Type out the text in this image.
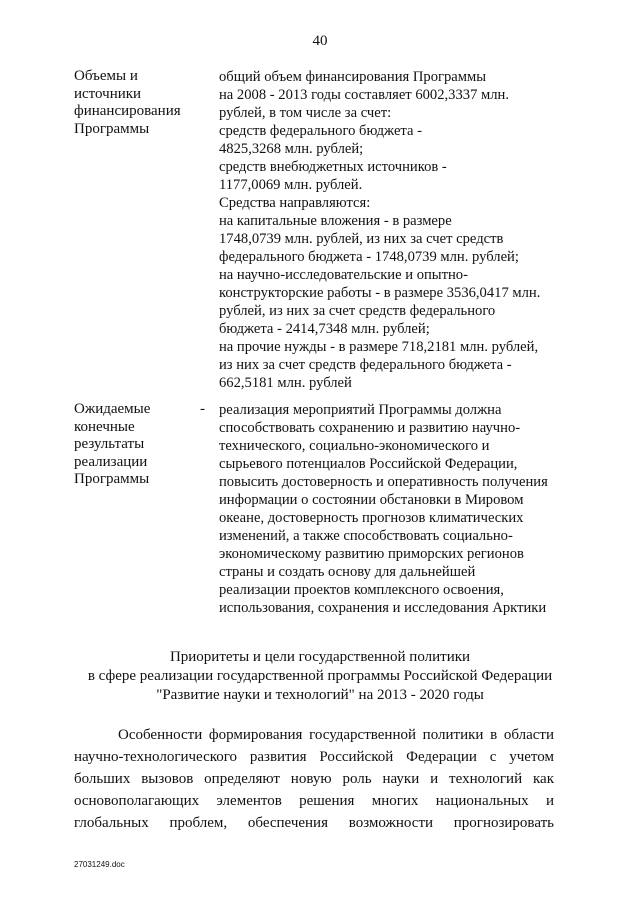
40
Объемы и
источники
финансирования
Программы
общий объем финансирования Программы
на 2008 - 2013 годы составляет 6002,3337 млн.
рублей, в том числе за счет:
средств федерального бюджета -
4825,3268 млн. рублей;
средств внебюджетных источников -
1177,0069 млн. рублей.
Средства направляются:
на капитальные вложения - в размере
1748,0739 млн. рублей, из них за счет средств
федерального бюджета - 1748,0739 млн. рублей;
на научно-исследовательские и опытно-
конструкторские работы - в размере 3536,0417 млн.
рублей, из них за счет средств федерального
бюджета - 2414,7348 млн. рублей;
на прочие нужды - в размере 718,2181 млн. рублей,
из них за счет средств федерального бюджета -
662,5181 млн. рублей
Ожидаемые
конечные
результаты
реализации
Программы
- реализация мероприятий Программы должна
способствовать сохранению и развитию научно-
технического, социально-экономического и
сырьевого потенциалов Российской Федерации,
повысить достоверность и оперативность получения
информации о состоянии обстановки в Мировом
океане, достоверность прогнозов климатических
изменений, а также способствовать социально-
экономическому развитию приморских регионов
страны и создать основу для дальнейшей
реализации проектов комплексного освоения,
использования, сохранения и исследования Арктики
Приоритеты и цели государственной политики
в сфере реализации государственной программы Российской Федерации
"Развитие науки и технологий" на 2013 - 2020 годы
Особенности формирования государственной политики в области
научно-технологического развития Российской Федерации с учетом
больших вызовов определяют новую роль науки и технологий как
основополагающих элементов решения многих национальных и
глобальных проблем, обеспечения возможности прогнозировать
27031249.doc
